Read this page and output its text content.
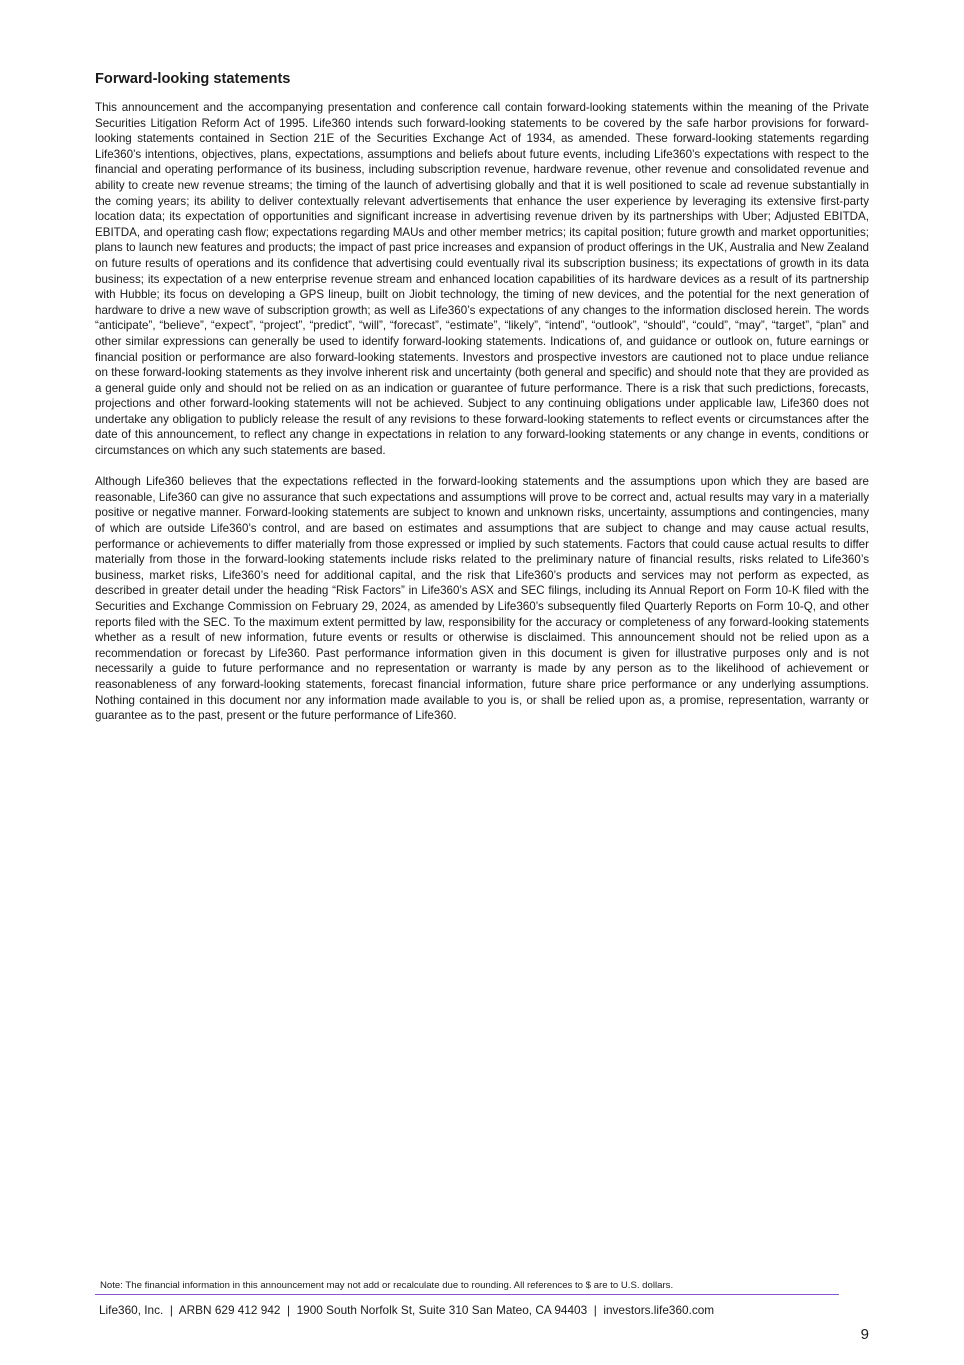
Forward-looking statements

This announcement and the accompanying presentation and conference call contain forward-looking statements within the meaning of the Private Securities Litigation Reform Act of 1995. Life360 intends such forward-looking statements to be covered by the safe harbor provisions for forward-looking statements contained in Section 21E of the Securities Exchange Act of 1934, as amended. These forward-looking statements regarding Life360’s intentions, objectives, plans, expectations, assumptions and beliefs about future events, including Life360’s expectations with respect to the financial and operating performance of its business, including subscription revenue, hardware revenue, other revenue and consolidated revenue and ability to create new revenue streams; the timing of the launch of advertising globally and that it is well positioned to scale ad revenue substantially in the coming years; its ability to deliver contextually relevant advertisements that enhance the user experience by leveraging its extensive first-party location data; its expectation of opportunities and significant increase in advertising revenue driven by its partnerships with Uber; Adjusted EBITDA, EBITDA, and operating cash flow; expectations regarding MAUs and other member metrics; its capital position; future growth and market opportunities; plans to launch new features and products; the impact of past price increases and expansion of product offerings in the UK, Australia and New Zealand on future results of operations and its confidence that advertising could eventually rival its subscription business; its expectations of growth in its data business; its expectation of a new enterprise revenue stream and enhanced location capabilities of its hardware devices as a result of its partnership with Hubble; its focus on developing a GPS lineup, built on Jiobit technology, the timing of new devices, and the potential for the next generation of hardware to drive a new wave of subscription growth; as well as Life360’s expectations of any changes to the information disclosed herein. The words “anticipate”, “believe”, “expect”, “project”, “predict”, “will”, “forecast”, “estimate”, “likely”, “intend”, “outlook”, “should”, “could”, “may”, “target”, “plan” and other similar expressions can generally be used to identify forward-looking statements. Indications of, and guidance or outlook on, future earnings or financial position or performance are also forward-looking statements. Investors and prospective investors are cautioned not to place undue reliance on these forward-looking statements as they involve inherent risk and uncertainty (both general and specific) and should note that they are provided as a general guide only and should not be relied on as an indication or guarantee of future performance. There is a risk that such predictions, forecasts, projections and other forward-looking statements will not be achieved. Subject to any continuing obligations under applicable law, Life360 does not undertake any obligation to publicly release the result of any revisions to these forward-looking statements to reflect events or circumstances after the date of this announcement, to reflect any change in expectations in relation to any forward-looking statements or any change in events, conditions or circumstances on which any such statements are based.

Although Life360 believes that the expectations reflected in the forward-looking statements and the assumptions upon which they are based are reasonable, Life360 can give no assurance that such expectations and assumptions will prove to be correct and, actual results may vary in a materially positive or negative manner. Forward-looking statements are subject to known and unknown risks, uncertainty, assumptions and contingencies, many of which are outside Life360’s control, and are based on estimates and assumptions that are subject to change and may cause actual results, performance or achievements to differ materially from those expressed or implied by such statements. Factors that could cause actual results to differ materially from those in the forward-looking statements include risks related to the preliminary nature of financial results, risks related to Life360’s business, market risks, Life360’s need for additional capital, and the risk that Life360’s products and services may not perform as expected, as described in greater detail under the heading “Risk Factors” in Life360’s ASX and SEC filings, including its Annual Report on Form 10-K filed with the Securities and Exchange Commission on February 29, 2024, as amended by Life360’s subsequently filed Quarterly Reports on Form 10-Q, and other reports filed with the SEC. To the maximum extent permitted by law, responsibility for the accuracy or completeness of any forward-looking statements whether as a result of new information, future events or results or otherwise is disclaimed. This announcement should not be relied upon as a recommendation or forecast by Life360. Past performance information given in this document is given for illustrative purposes only and is not necessarily a guide to future performance and no representation or warranty is made by any person as to the likelihood of achievement or reasonableness of any forward-looking statements, forecast financial information, future share price performance or any underlying assumptions. Nothing contained in this document nor any information made available to you is, or shall be relied upon as, a promise, representation, warranty or guarantee as to the past, present or the future performance of Life360.

Note: The financial information in this announcement may not add or recalculate due to rounding. All references to $ are to U.S. dollars.
Life360, Inc.  |  ARBN 629 412 942  |  1900 South Norfolk St, Suite 310 San Mateo, CA 94403  |  investors.life360.com
9
